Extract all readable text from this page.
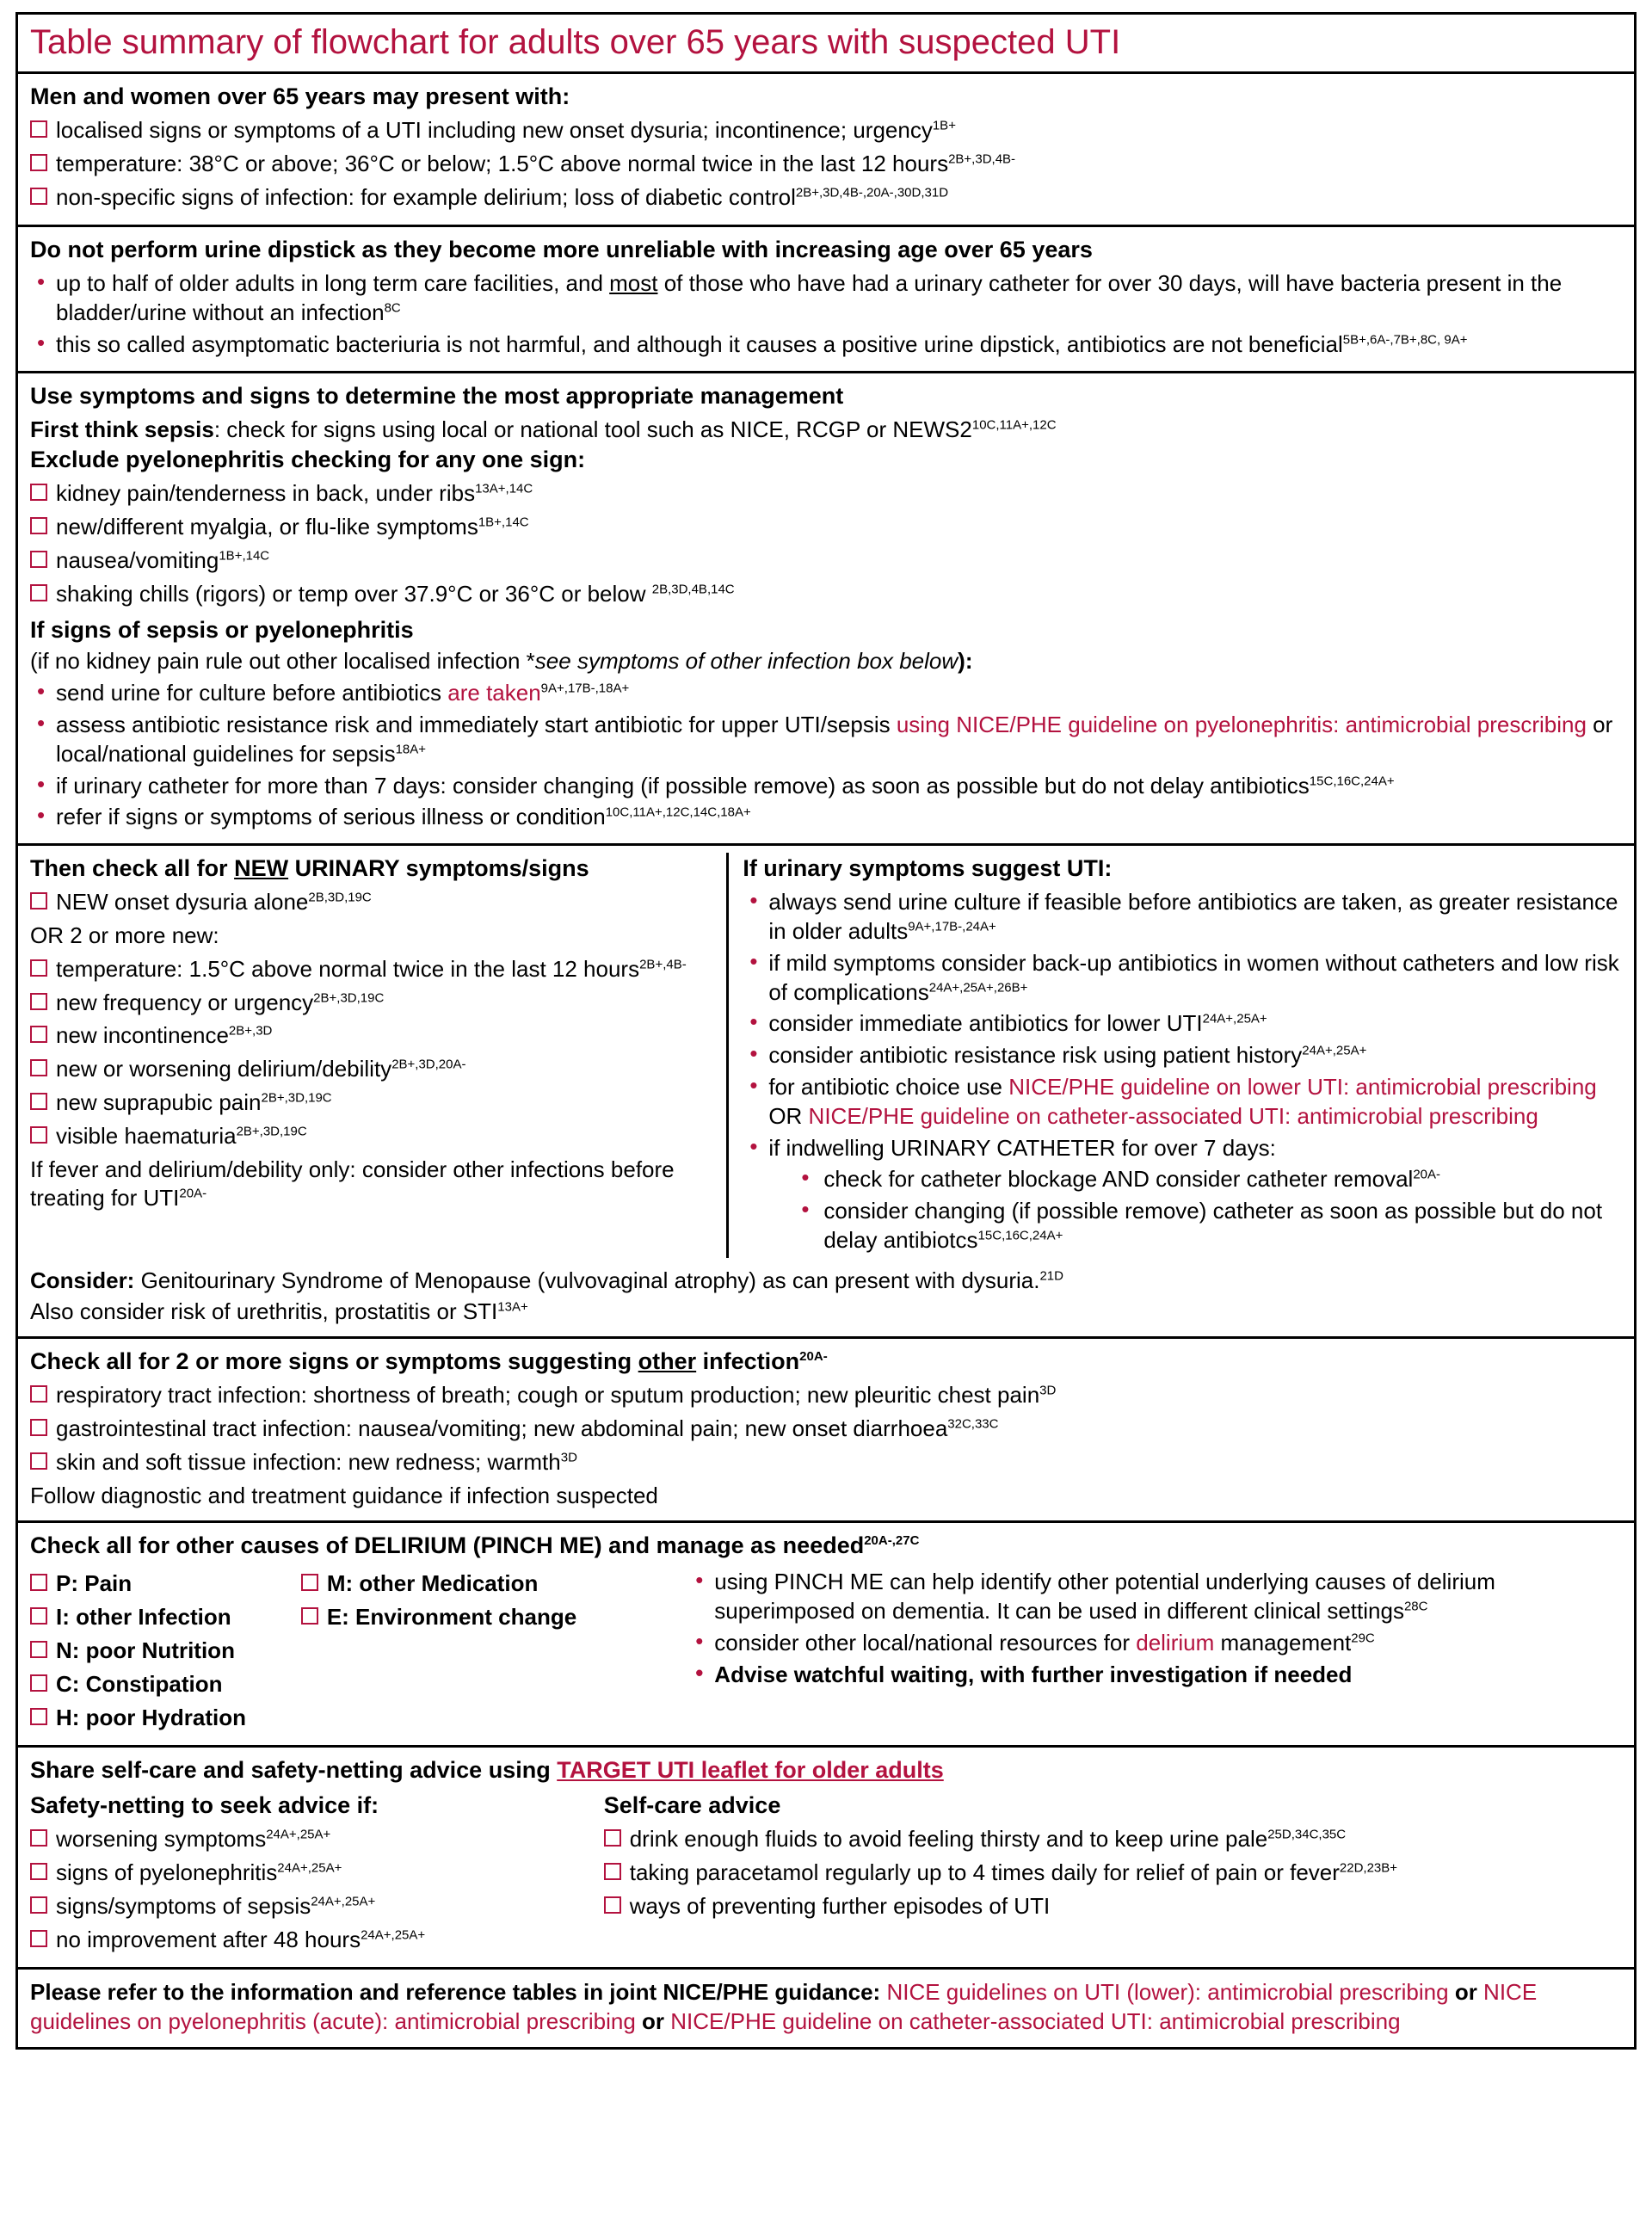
Table summary of flowchart for adults over 65 years with suspected UTI
Men and women over 65 years may present with:
localised signs or symptoms of a UTI including new onset dysuria; incontinence; urgency$^{1B+}$
temperature: 38°C or above; 36°C or below; 1.5°C above normal twice in the last 12 hours$^{2B+,3D,4B-}$
non-specific signs of infection: for example delirium; loss of diabetic control$^{2B+,3D,4B-,20A-,30D,31D}$
Do not perform urine dipstick as they become more unreliable with increasing age over 65 years
• up to half of older adults in long term care facilities, and most of those who have had a urinary catheter for over 30 days, will have bacteria present in the bladder/urine without an infection$^{8C}$
• this so called asymptomatic bacteriuria is not harmful, and although it causes a positive urine dipstick, antibiotics are not beneficial$^{5B+,6A-,7B+,8C, 9A+}$
Use symptoms and signs to determine the most appropriate management
First think sepsis: check for signs using local or national tool such as NICE, RCGP or $NEWS2^{10C,11A+,12C}$
Exclude pyelonephritis checking for any one sign:
kidney pain/tenderness in back, under ribs$^{13A+,14C}$
new/different myalgia, or flu-like symptoms$^{1B+,14C}$
nausea/vomiting$^{1B+,14C}$
shaking chills (rigors) or temp over 37.9°C or 36°C or below $^{2B,3D,4B,14C}$
If signs of sepsis or pyelonephritis
(if no kidney pain rule out other localised infection *see symptoms of other infection box below):
• send urine for culture before antibiotics are taken$^{9A+,17B-,18A+}$
• assess antibiotic resistance risk and immediately start antibiotic for upper UTI/sepsis using NICE/PHE guideline on pyelonephritis: antimicrobial prescribing or local/national guidelines for sepsis$^{18A+}$
• if urinary catheter for more than 7 days: consider changing (if possible remove) as soon as possible but do not delay antibiotics$^{15C,16C,24A+}$
• refer if signs or symptoms of serious illness or condition$^{10C,11A+,12C,14C,18A+}$
Then check all for NEW URINARY symptoms/signs
NEW onset dysuria alone$^{2B,3D,19C}$
OR 2 or more new:
temperature: 1.5°C above normal twice in the last 12 hours$^{2B+,4B-}$
new frequency or urgency$^{2B+,3D,19C}$
new incontinence$^{2B+,3D}$
new or worsening delirium/debility$^{2B+,3D,20A-}$
new suprapubic pain$^{2B+,3D,19C}$
visible haematuria$^{2B+,3D,19C}$
If fever and delirium/debility only: consider other infections before treating for $UTI^{20A-}$
If urinary symptoms suggest UTI:
• always send urine culture if feasible before antibiotics are taken, as greater resistance in older adults$^{9A+,17B-,24A+}$
• if mild symptoms consider back-up antibiotics in women without catheters and low risk of complications$^{24A+,25A+,26B+}$
• consider immediate antibiotics for lower $UTI^{24A+,25A+}$
• consider antibiotic resistance risk using patient history$^{24A+,25A+}$
• for antibiotic choice use NICE/PHE guideline on lower UTI: antimicrobial prescribing OR NICE/PHE guideline on catheter-associated UTI: antimicrobial prescribing
• if indwelling URINARY CATHETER for over 7 days:
• check for catheter blockage AND consider catheter removal$^{20A-}$
• consider changing (if possible remove) catheter as soon as possible but do not delay antibiotcs$^{15C,16C,24A+}$
Consider: Genitourinary Syndrome of Menopause (vulvovaginal atrophy) as can present with dysuria.$^{21D}$
Also consider risk of urethritis, prostatitis or $STI^{13A+}$
Check all for 2 or more signs or symptoms suggesting other infection$^{20A-}$
respiratory tract infection: shortness of breath; cough or sputum production; new pleuritic chest pain$^{3D}$
gastrointestinal tract infection: nausea/vomiting; new abdominal pain; new onset diarrhoea$^{32C,33C}$
skin and soft tissue infection: new redness; warmth$^{3D}$
Follow diagnostic and treatment guidance if infection suspected
Check all for other causes of DELIRIUM (PINCH ME) and manage as needed$^{20A-,27C}$
P: Pain
I: other Infection
N: poor Nutrition
C: Constipation
H: poor Hydration
M: other Medication
E: Environment change
• using PINCH ME can help identify other potential underlying causes of delirium superimposed on dementia. It can be used in different clinical settings$^{28C}$
• consider other local/national resources for delirium management$^{29C}$
• Advise watchful waiting, with further investigation if needed
Share self-care and safety-netting advice using TARGET UTI leaflet for older adults
Safety-netting to seek advice if:
worsening symptoms$^{24A+,25A+}$
signs of pyelonephritis$^{24A+,25A+}$
signs/symptoms of sepsis$^{24A+,25A+}$
no improvement after 48 hours$^{24A+,25A+}$
Self-care advice
drink enough fluids to avoid feeling thirsty and to keep urine pale$^{25D,34C,35C}$
taking paracetamol regularly up to 4 times daily for relief of pain or fever$^{22D,23B+}$
ways of preventing further episodes of UTI
Please refer to the information and reference tables in joint NICE/PHE guidance: NICE guidelines on UTI (lower): antimicrobial prescribing or NICE guidelines on pyelonephritis (acute): antimicrobial prescribing or NICE/PHE guideline on catheter-associated UTI: antimicrobial prescribing
